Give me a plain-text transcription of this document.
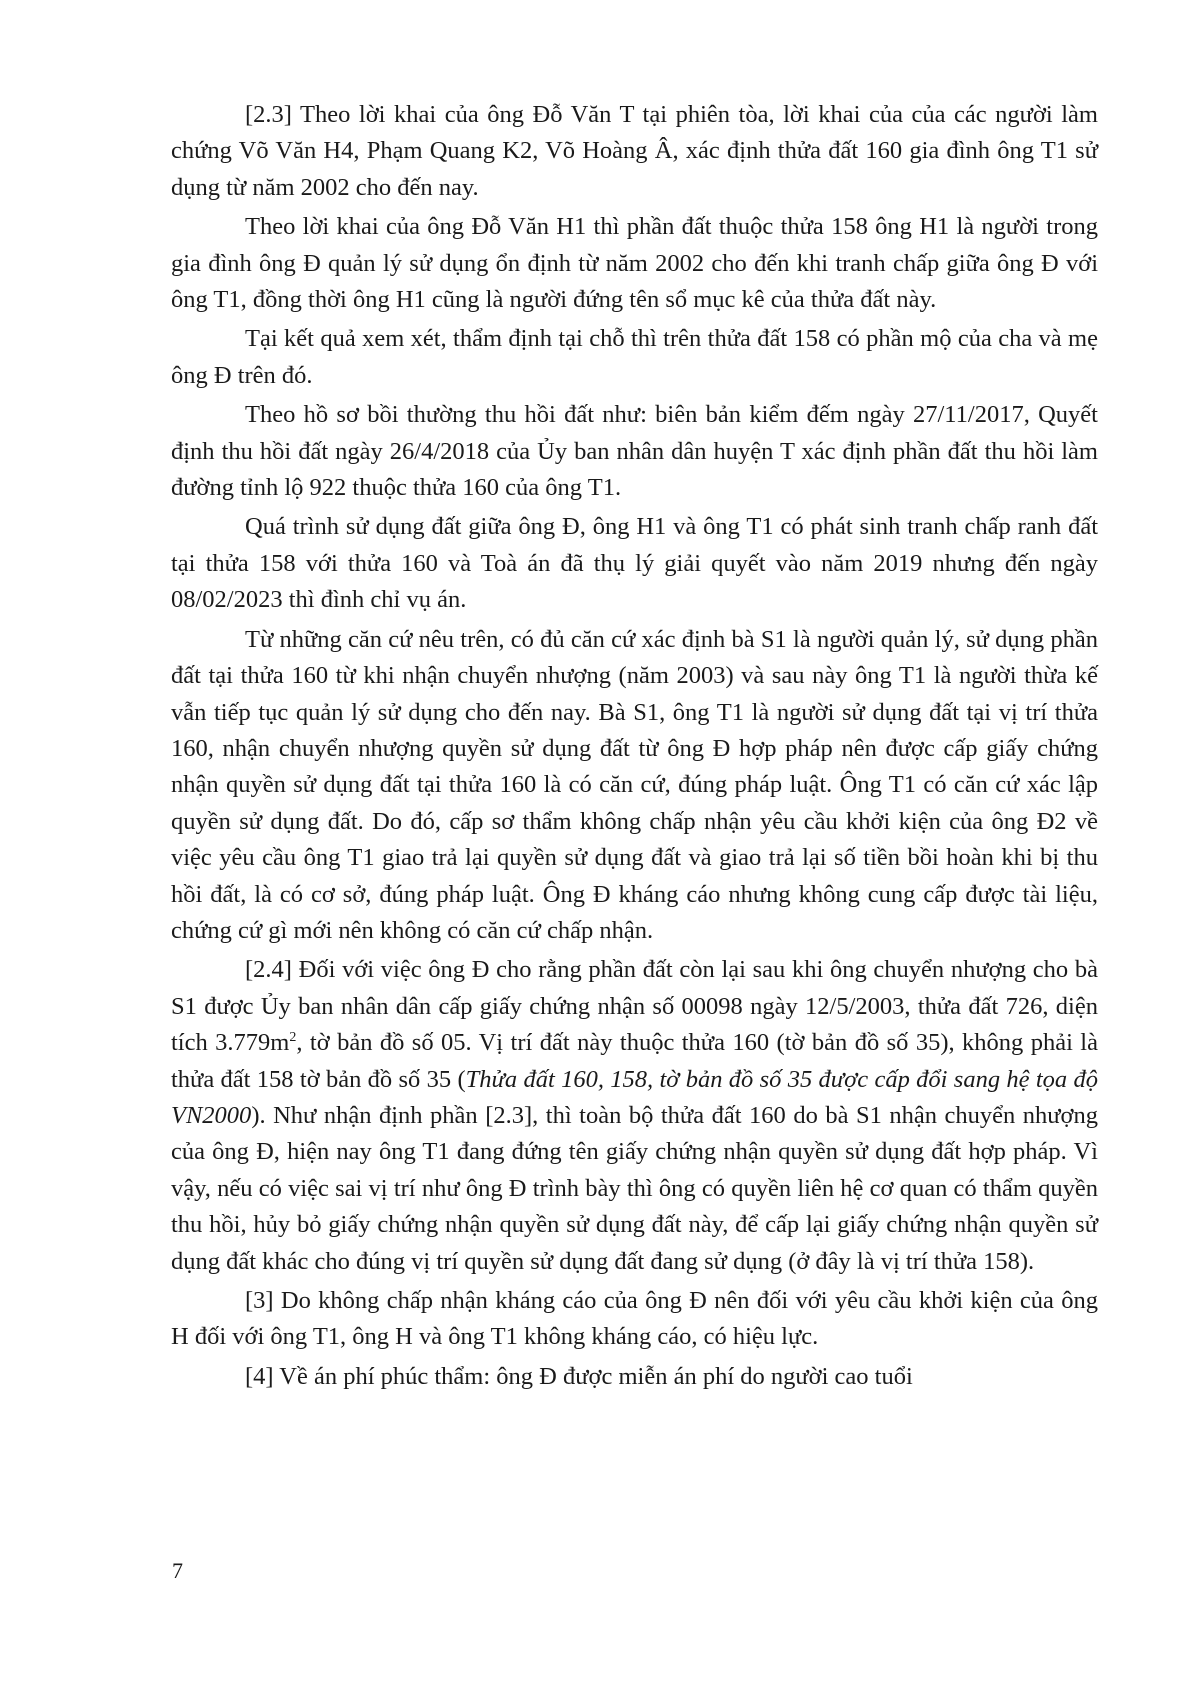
[2.3] Theo lời khai của ông Đỗ Văn T tại phiên tòa, lời khai của của các người làm chứng Võ Văn H4, Phạm Quang K2, Võ Hoàng Â, xác định thửa đất 160 gia đình ông T1 sử dụng từ năm 2002 cho đến nay.

Theo lời khai của ông Đỗ Văn H1 thì phần đất thuộc thửa 158 ông H1 là người trong gia đình ông Đ quản lý sử dụng ổn định từ năm 2002 cho đến khi tranh chấp giữa ông Đ với ông T1, đồng thời ông H1 cũng là người đứng tên sổ mục kê của thửa đất này.

Tại kết quả xem xét, thẩm định tại chỗ thì trên thửa đất 158 có phần mộ của cha và mẹ ông Đ trên đó.

Theo hồ sơ bồi thường thu hồi đất như: biên bản kiểm đếm ngày 27/11/2017, Quyết định thu hồi đất ngày 26/4/2018 của Ủy ban nhân dân huyện T xác định phần đất thu hồi làm đường tỉnh lộ 922 thuộc thửa 160 của ông T1.

Quá trình sử dụng đất giữa ông Đ, ông H1 và ông T1 có phát sinh tranh chấp ranh đất tại thửa 158 với thửa 160 và Toà án đã thụ lý giải quyết vào năm 2019 nhưng đến ngày 08/02/2023 thì đình chỉ vụ án.

Từ những căn cứ nêu trên, có đủ căn cứ xác định bà S1 là người quản lý, sử dụng phần đất tại thửa 160 từ khi nhận chuyển nhượng (năm 2003) và sau này ông T1 là người thừa kế vẫn tiếp tục quản lý sử dụng cho đến nay. Bà S1, ông T1 là người sử dụng đất tại vị trí thửa 160, nhận chuyển nhượng quyền sử dụng đất từ ông Đ hợp pháp nên được cấp giấy chứng nhận quyền sử dụng đất tại thửa 160 là có căn cứ, đúng pháp luật. Ông T1 có căn cứ xác lập quyền sử dụng đất. Do đó, cấp sơ thẩm không chấp nhận yêu cầu khởi kiện của ông Đ2 về việc yêu cầu ông T1 giao trả lại quyền sử dụng đất và giao trả lại số tiền bồi hoàn khi bị thu hồi đất, là có cơ sở, đúng pháp luật. Ông Đ kháng cáo nhưng không cung cấp được tài liệu, chứng cứ gì mới nên không có căn cứ chấp nhận.

[2.4] Đối với việc ông Đ cho rằng phần đất còn lại sau khi ông chuyển nhượng cho bà S1 được Ủy ban nhân dân cấp giấy chứng nhận số 00098 ngày 12/5/2003, thửa đất 726, diện tích $3.779m^2$, tờ bản đồ số 05. Vị trí đất này thuộc thửa 160 (tờ bản đồ số 35), không phải là thửa đất 158 tờ bản đồ số 35 (Thửa đất 160, 158, tờ bản đồ số 35 được cấp đổi sang hệ tọa độ VN2000). Như nhận định phần [2.3], thì toàn bộ thửa đất 160 do bà S1 nhận chuyển nhượng của ông Đ, hiện nay ông T1 đang đứng tên giấy chứng nhận quyền sử dụng đất hợp pháp. Vì vậy, nếu có việc sai vị trí như ông Đ trình bày thì ông có quyền liên hệ cơ quan có thẩm quyền thu hồi, hủy bỏ giấy chứng nhận quyền sử dụng đất này, để cấp lại giấy chứng nhận quyền sử dụng đất khác cho đúng vị trí quyền sử dụng đất đang sử dụng (ở đây là vị trí thửa 158).

[3] Do không chấp nhận kháng cáo của ông Đ nên đối với yêu cầu khởi kiện của ông H đối với ông T1, ông H và ông T1 không kháng cáo, có hiệu lực.

[4] Về án phí phúc thẩm: ông Đ được miễn án phí do người cao tuổi

7
